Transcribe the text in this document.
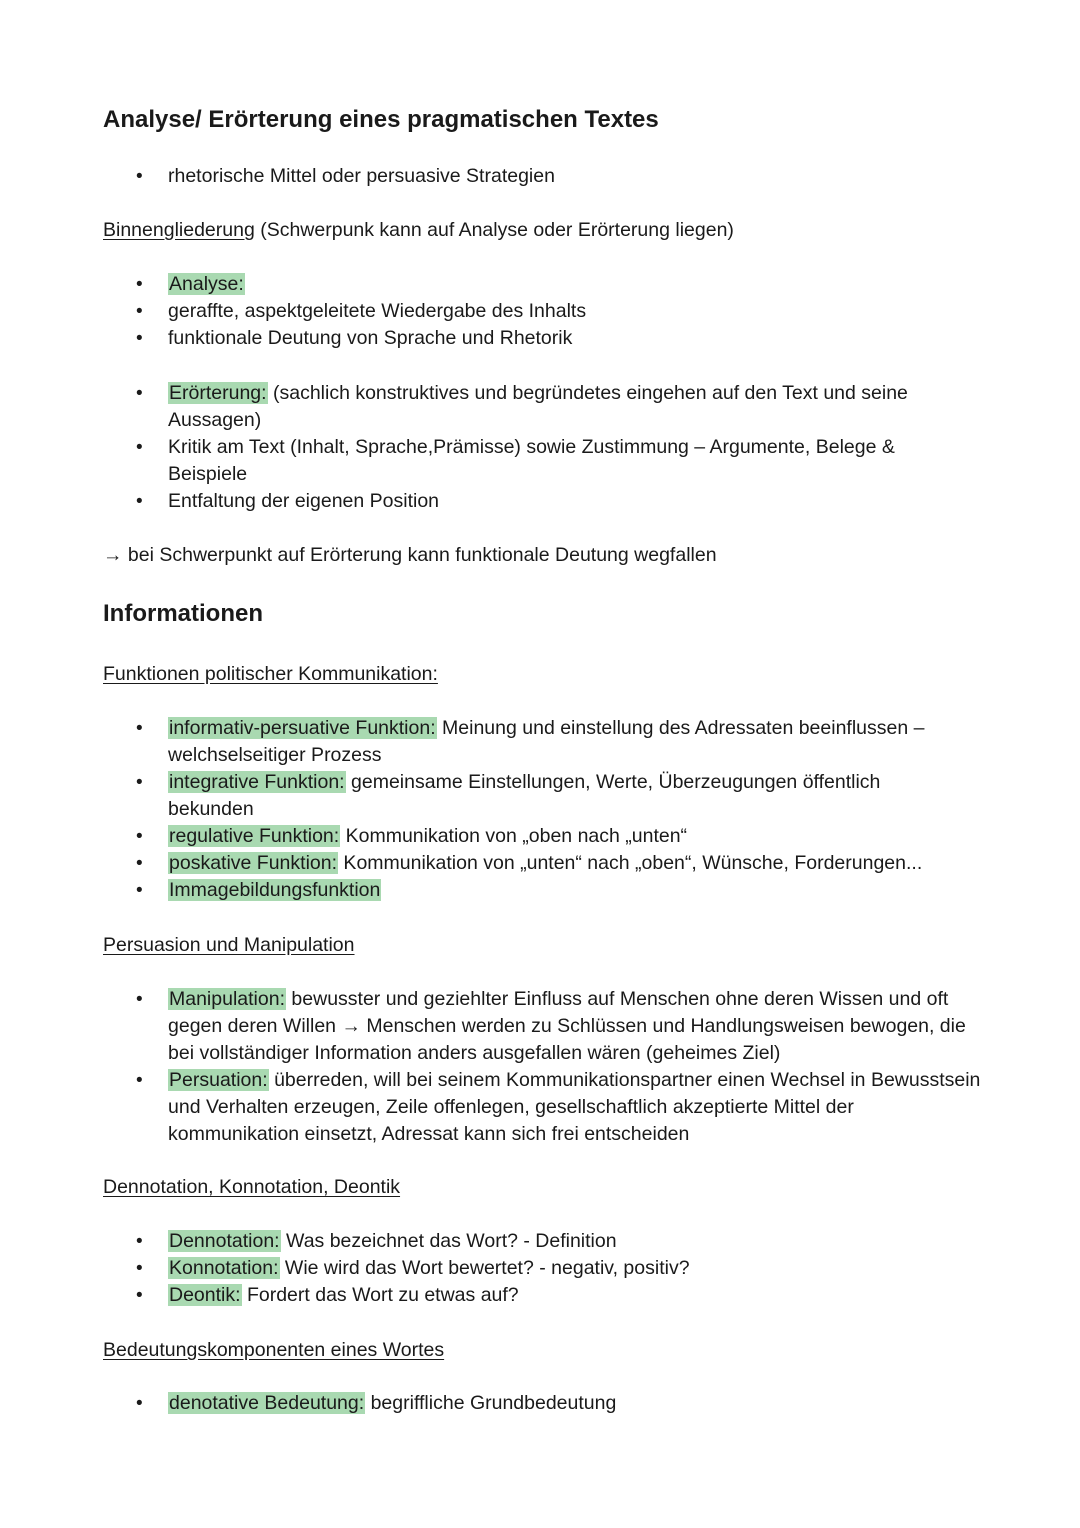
Analyse/ Erörterung eines pragmatischen Textes
• rhetorische Mittel oder persuasive Strategien
Binnengliederung (Schwerpunk kann auf Analyse oder Erörterung liegen)
• Analyse:
• geraffte, aspektgeleitete Wiedergabe des Inhalts
• funktionale Deutung von Sprache und Rhetorik
• Erörterung: (sachlich konstruktives und begründetes eingehen auf den Text und seine Aussagen)
• Kritik am Text (Inhalt, Sprache,Prämisse) sowie Zustimmung – Argumente, Belege & Beispiele
• Entfaltung der eigenen Position
→ bei Schwerpunkt auf Erörterung kann funktionale Deutung wegfallen
Informationen
Funktionen politischer Kommunikation:
• informativ-persuative Funktion: Meinung und einstellung des Adressaten beeinflussen – welchselseitiger Prozess
• integrative Funktion: gemeinsame Einstellungen, Werte, Überzeugungen öffentlich bekunden
• regulative Funktion: Kommunikation von „oben nach „unten“
• poskative Funktion: Kommunikation von „unten“ nach „oben“, Wünsche, Forderungen...
• Immagebildungsfunktion
Persuasion und Manipulation
• Manipulation: bewusster und geziehlter Einfluss auf Menschen ohne deren Wissen und oft gegen deren Willen → Menschen werden zu Schlüssen und Handlungsweisen bewogen, die bei vollständiger Information anders ausgefallen wären (geheimes Ziel)
• Persuation: überreden, will bei seinem Kommunikationspartner einen Wechsel in Bewusstsein und Verhalten erzeugen, Zeile offenlegen, gesellschaftlich akzeptierte Mittel der kommunikation einsetzt, Adressat kann sich frei entscheiden
Dennotation, Konnotation, Deontik
• Dennotation: Was bezeichnet das Wort? - Definition
• Konnotation: Wie wird das Wort bewertet? - negativ, positiv?
• Deontik: Fordert das Wort zu etwas auf?
Bedeutungskomponenten eines Wortes
• denotative Bedeutung: begriffliche Grundbedeutung
